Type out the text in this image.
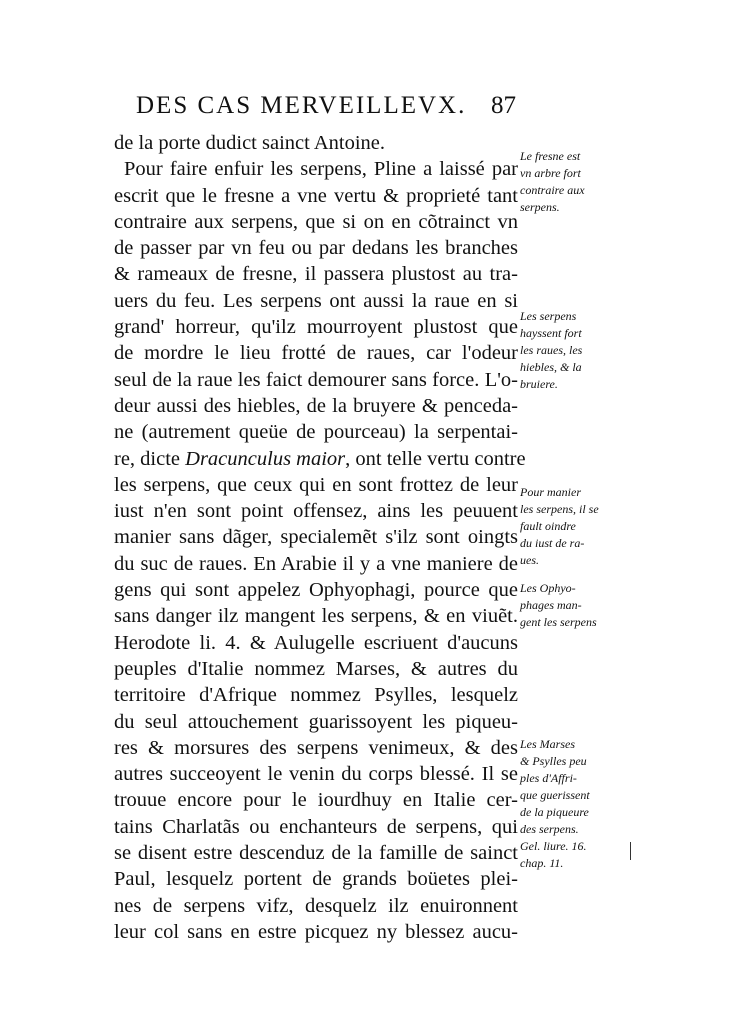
DES CAS MERVEILLEVX. 87
de la porte dudict sainct Antoine.
Pour faire enfuir les serpens, Pline a laissé par
escrit que le fresne a vne vertu & proprieté tant
contraire aux serpens, que si on en cõtrainct vn
de passer par vn feu ou par dedans les branches
& rameaux de fresne, il passera plustost au tra-
uers du feu. Les serpens ont aussi la raue en si
grand' horreur, qu'ilz mourroyent plustost que
de mordre le lieu frotté de raues, car l'odeur
seul de la raue les faict demourer sans force. L'o-
deur aussi des hiebles, de la bruyere & penceda-
ne (autrement queüe de pourceau) la serpentai-
re, dicte Dracunculus maior, ont telle vertu contre
les serpens, que ceux qui en sont frottez de leur
iust n'en sont point offensez, ains les peuuent
manier sans dãger, specialemẽt s'ilz sont oingts
du suc de raues. En Arabie il y a vne maniere de
gens qui sont appelez Ophyophagi, pource que
sans danger ilz mangent les serpens, & en viuẽt.
Herodote li. 4. & Aulugelle escriuent d'aucuns
peuples d'Italie nommez Marses, & autres du
territoire d'Afrique nommez Psylles, lesquelz
du seul attouchement guarissoyent les piqueu-
res & morsures des serpens venimeux, & des
autres succeoyent le venin du corps blessé. Il se
trouue encore pour le iourdhuy en Italie cer-
tains Charlatãs ou enchanteurs de serpens, qui
se disent estre descenduz de la famille de sainct
Paul, lesquelz portent de grands boüetes plei-
nes de serpens vifz, desquelz ilz enuironnent
leur col sans en estre picquez ny blessez aucu-
Le fresne est
vn arbre fort
contraire aux
serpens.
Les serpens
hayssent fort
les raues, les
hiebles, & la
bruiere.
Pour manier
les serpens, il se
fault oindre
du iust de ra-
ues.
Les Ophyo-
phages man-
gent les serpens
Les Marses
& Psylles peu
ples d'Affri-
que guerissent
de la piqueure
des serpens.
Gel. liure. 16.
chap. 11.
